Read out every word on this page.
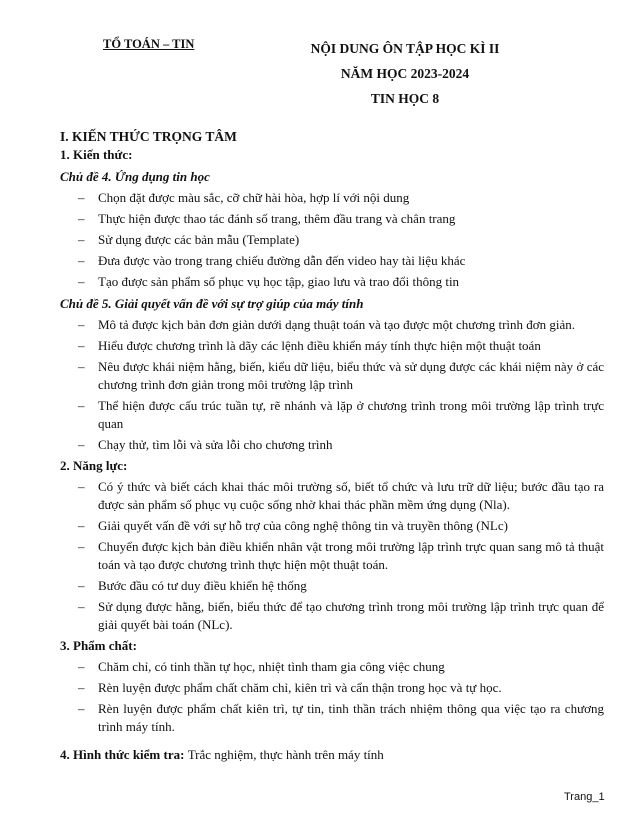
TỔ TOÁN – TIN	NỘI DUNG ÔN TẬP HỌC KÌ II
NĂM HỌC 2023-2024
TIN HỌC 8
I. KIẾN THỨC TRỌNG TÂM
1. Kiến thức:
Chủ đề 4. Ứng dụng tin học
– Chọn đặt được màu sắc, cỡ chữ hài hòa, hợp lí với nội dung
– Thực hiện được thao tác đánh số trang, thêm đầu trang và chân trang
– Sử dụng được các bản mẫu (Template)
– Đưa được vào trong trang chiếu đường dẫn đến video hay tài liệu khác
– Tạo được sản phẩm số phục vụ học tập, giao lưu và trao đổi thông tin
Chủ đề 5. Giải quyết vấn đề với sự trợ giúp của máy tính
– Mô tả được kịch bản đơn giản dưới dạng thuật toán và tạo được một chương trình đơn giản.
– Hiểu được chương trình là dãy các lệnh điều khiển máy tính thực hiện một thuật toán
– Nêu được khái niệm hằng, biến, kiểu dữ liệu, biểu thức và sử dụng được các khái niệm này ở các chương trình đơn giản trong môi trường lập trình
– Thể hiện được cấu trúc tuần tự, rẽ nhánh và lặp ở chương trình trong môi trường lập trình trực quan
– Chạy thử, tìm lỗi và sửa lỗi cho chương trình
2. Năng lực:
– Có ý thức và biết cách khai thác môi trường số, biết tổ chức và lưu trữ dữ liệu; bước đầu tạo ra được sản phẩm số phục vụ cuộc sống nhờ khai thác phần mềm ứng dụng (Nla).
– Giải quyết vấn đề với sự hỗ trợ của công nghệ thông tin và truyền thông (NLc)
– Chuyển được kịch bản điều khiển nhân vật trong môi trường lập trình trực quan sang mô tả thuật toán và tạo được chương trình thực hiện một thuật toán.
– Bước đầu có tư duy điều khiển hệ thống
– Sử dụng được hằng, biến, biểu thức để tạo chương trình trong môi trường lập trình trực quan để giải quyết bài toán (NLc).
3. Phẩm chất:
– Chăm chỉ, có tinh thần tự học, nhiệt tình tham gia công việc chung
– Rèn luyện được phẩm chất chăm chỉ, kiên trì và cẩn thận trong học và tự học.
– Rèn luyện được phẩm chất kiên trì, tự tin, tinh thần trách nhiệm thông qua việc tạo ra chương trình máy tính.
4. Hình thức kiểm tra: Trắc nghiệm, thực hành trên máy tính
Trang_1
